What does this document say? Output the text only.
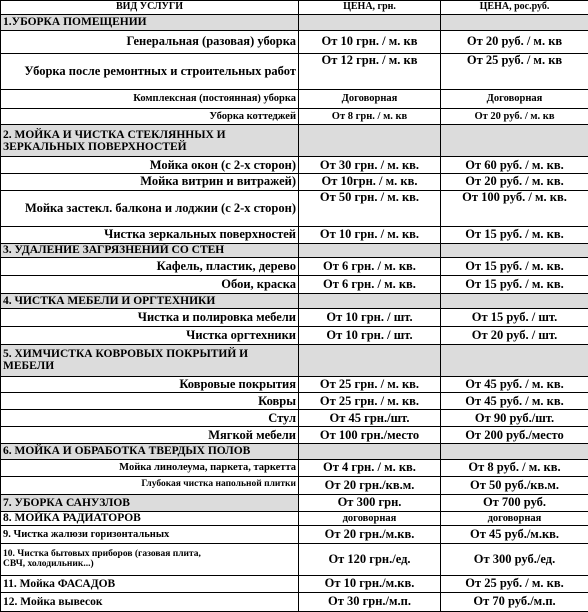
ВИД УСЛУГИ	ЦЕНА, грн.	ЦЕНА, рос.руб.
1.УБОРКА ПОМЕЩЕНИИ		
Генеральная (разовая) уборка	От 10 грн. / м. кв	От 20 руб. / м. кв
Уборка после ремонтных и строительных работ	От 12 грн. / м. кв	От 25 руб. / м. кв
Комплексная (постоянная) уборка	Договорная	Договорная
Уборка коттеджей	От 8 грн. / м. кв	От 20 руб. / м. кв
2. МОЙКА И ЧИСТКА СТЕКЛЯННЫХ И ЗЕРКАЛЬНЫХ ПОВЕРХНОСТЕЙ		
Мойка окон (с 2-х сторон)	От 30 грн. / м. кв.	От 60 руб. / м. кв.
Мойка витрин и витражей)	От 10грн. / м. кв.	От 20 руб. / м. кв.
Мойка застекл. балкона и лоджии (с 2-х сторон)	От 50 грн. / м. кв.	От 100 руб. / м. кв.
Чистка зеркальных поверхностей	От 10 грн. / м. кв.	От 15 руб. / м. кв.
3. УДАЛЕНИЕ ЗАГРЯЗНЕНИЙ СО СТЕН		
Кафель, пластик, дерево	От 6 грн. / м. кв.	От 15 руб. / м. кв.
Обои, краска	От 6 грн. / м. кв.	От 15 руб. / м. кв.
4. ЧИСТКА МЕБЕЛИ И ОРГТЕХНИКИ		
Чистка и полировка мебели	От 10 грн. / шт.	От 15 руб. / шт.
Чистка оргтехники	От 10 грн. / шт.	От 20 руб. / шт.
5. ХИМЧИСТКА КОВРОВЫХ ПОКРЫТИЙ И МЕБЕЛИ		
Ковровые покрытия	От 25 грн. / м. кв.	От 45 руб. / м. кв.
Ковры	От 25 грн. / м. кв.	От 45 руб. / м. кв.
Стул	От 45 грн./шт.	От 90 руб./шт.
Мягкой мебели	От 100 грн./место	От 200 руб./место
6. МОЙКА И ОБРАБОТКА ТВЕРДЫХ ПОЛОВ		
Мойка линолеума, паркета, таркетта	От 4 грн. / м. кв.	От 8 руб. / м. кв.
Глубокая чистка напольной плитки	От 20 грн./кв.м.	От 50 руб./кв.м.
7. УБОРКА САНУЗЛОВ	От 300 грн.	От 700 руб.
8. МОЙКА РАДИАТОРОВ	договорная	договорная
9. Чистка жалюзи горизонтальных	От 20 грн./м.кв.	От 45 руб./м.кв.

10. Чистка бытовых приборов (газовая плита,
СВЧ, холодильник...)	От 120 грн./ед.	От 300 руб./ед.
11. Мойка ФАСАДОВ	От 10 грн./м.кв.	От 25 руб. / м. кв.
12. Мойка вывесок	От 30 грн./м.п.	От 70 руб./м.п.
